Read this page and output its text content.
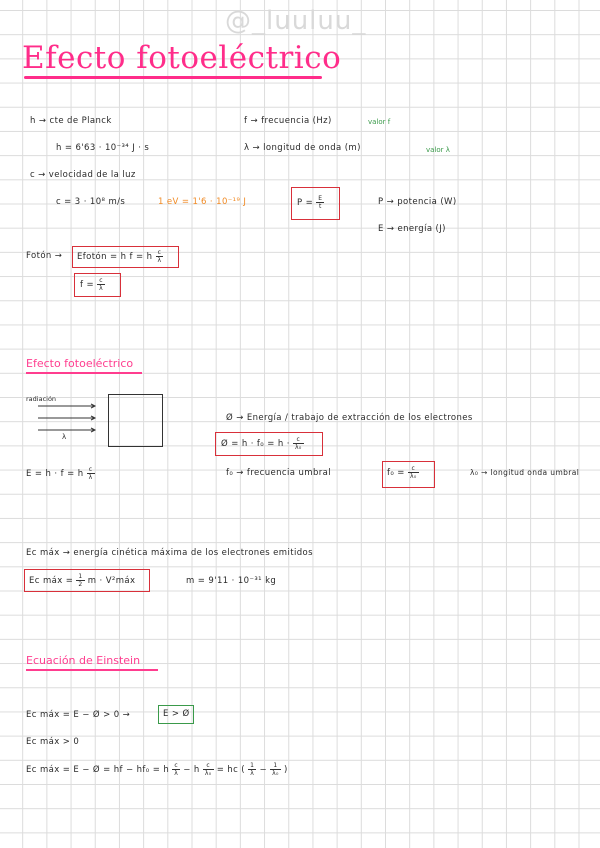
@_luuluu_
Efecto fotoeléctrico
h → cte de Planck
h = 6'63 · 10⁻³⁴ J · s
c → velocidad de la luz
c = 3 · 10⁸ m/s	1 eV = 1'6 · 10⁻¹⁹ J
f → frecuencia (Hz)	valor f
λ → longitud de onda (m)	valor λ
$P = \frac{E}{t}$	P → potencia (W)
E → energía (J)
Fotón → Efotón = h f = h $\frac{c}{\lambda}$
$f = \frac{c}{\lambda}$
Efecto fotoeléctrico
radiación
λ
Ø → Energía / trabajo de extracción de los electrones
Ø = $h \cdot f_0 = h \cdot \frac{c}{\text{λ₀}}$
E = h · f = h $\frac{c}{\lambda}$	f₀ → frecuencia umbral	$f_0 = \frac{c}{\text{λ₀}}$	λ₀ → longitud onda umbral
Ec máx → energía cinética máxima de los electrones emitidos
Ec máx = $\frac{1}{2}$ m · V²máx	m = 9'11 · 10⁻³¹ kg
Ecuación de Einstein
Ec máx = E − Ø > 0 →	E > Ø
Ec máx > 0
Ec máx = E − Ø = hf − hf₀ = h $\frac{c}{\lambda} - h \frac{c}{\text{λ₀}}$ = hc ( $\frac{1}{\lambda} - \frac{1}{\text{λ₀}}$ )
